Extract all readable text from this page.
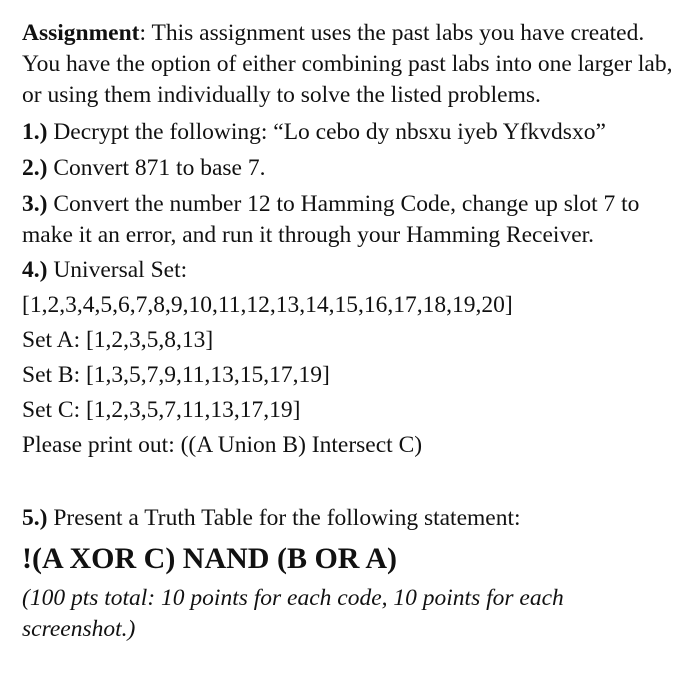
Assignment: This assignment uses the past labs you have created. You have the option of either combining past labs into one larger lab, or using them individually to solve the listed problems.

1.) Decrypt the following: “Lo cebo dy nbsxu iyeb Yfkvdsxo”

2.) Convert 871 to base 7.

3.) Convert the number 12 to Hamming Code, change up slot 7 to make it an error, and run it through your Hamming Receiver.

4.) Universal Set:
[1,2,3,4,5,6,7,8,9,10,11,12,13,14,15,16,17,18,19,20]
Set A: [1,2,3,5,8,13]
Set B: [1,3,5,7,9,11,13,15,17,19]
Set C: [1,2,3,5,7,11,13,17,19]
Please print out: ((A Union B) Intersect C)

5.) Present a Truth Table for the following statement:

!(A XOR C) NAND (B OR A)

(100 pts total: 10 points for each code, 10 points for each screenshot.)
